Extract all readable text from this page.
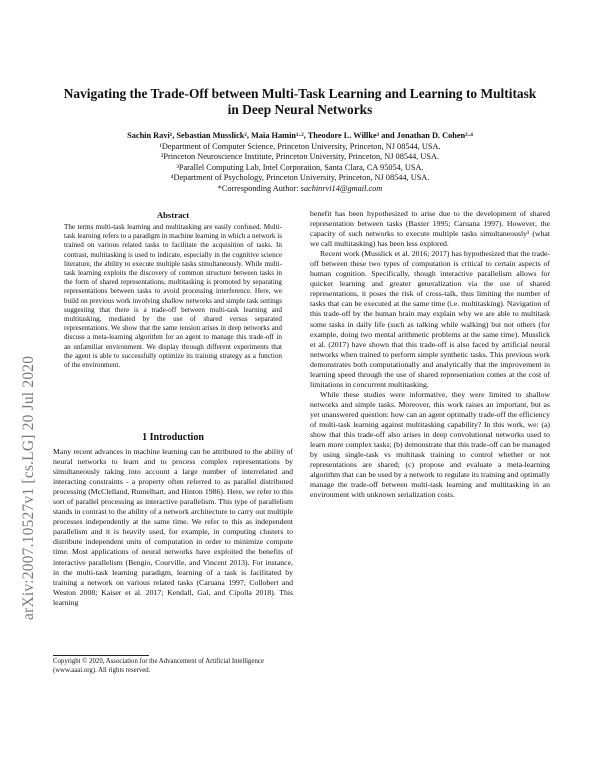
arXiv:2007.10527v1 [cs.LG] 20 Jul 2020
Navigating the Trade-Off between Multi-Task Learning and Learning to Multitask in Deep Neural Networks
Sachin Ravi¹, Sebastian Musslick², Maia Hamin¹·², Theodore L. Willke³ and Jonathan D. Cohen²·⁴
¹Department of Computer Science, Princeton University, Princeton, NJ 08544, USA.
²Princeton Neuroscience Institute, Princeton University, Princeton, NJ 08544, USA.
³Parallel Computing Lab, Intel Corporation, Santa Clara, CA 95054, USA.
⁴Department of Psychology, Princeton University, Princeton, NJ 08544, USA.
*Corresponding Author: sachinrvi14@gmail.com
Abstract
The terms multi-task learning and multitasking are easily confused. Multi-task learning refers to a paradigm in machine learning in which a network is trained on various related tasks to facilitate the acquisition of tasks. In contrast, multitasking is used to indicate, especially in the cognitive science literature, the ability to execute multiple tasks simultaneously. While multi-task learning exploits the discovery of common structure between tasks in the form of shared representations, multitasking is promoted by separating representations between tasks to avoid processing interference. Here, we build on previous work involving shallow networks and simple task settings suggesting that there is a trade-off between multi-task learning and multitasking, mediated by the use of shared versus separated representations. We show that the same tension arises in deep networks and discuss a meta-learning algorithm for an agent to manage this trade-off in an unfamiliar environment. We display through different experiments that the agent is able to successfully optimize its training strategy as a function of the environment.
1 Introduction

Many recent advances in machine learning can be attributed to the ability of neural networks to learn and to process complex representations by simultaneously taking into account a large number of interrelated and interacting constraints - a property often referred to as parallel distributed processing (McClelland, Rumelhart, and Hinton 1986). Here, we refer to this sort of parallel processing as interactive parallelism. This type of parallelism stands in contrast to the ability of a network architecture to carry out multiple processes independently at the same time. We refer to this as independent parallelism and it is heavily used, for example, in computing clusters to distribute independent units of computation in order to minimize compute time. Most applications of neural networks have exploited the benefits of interactive parallelism (Bengio, Courville, and Vincent 2013). For instance, in the multi-task learning paradigm, learning of a task is facilitated by training a network on various related tasks (Caruana 1997; Collobert and Weston 2008; Kaiser et al. 2017; Kendall, Gal, and Cipolla 2018). This learning

Copyright © 2020, Association for the Advancement of Artificial Intelligence (www.aaai.org). All rights reserved.

benefit has been hypothesized to arise due to the development of shared representation between tasks (Baxter 1995; Caruana 1997). However, the capacity of such networks to execute multiple tasks simultaneously¹ (what we call multitasking) has been less explored.

Recent work (Musslick et al. 2016; 2017) has hypothesized that the trade-off between these two types of computation is critical to certain aspects of human cognition. Specifically, though interactive parallelism allows for quicker learning and greater generalization via the use of shared representations, it poses the risk of cross-talk, thus limiting the number of tasks that can be executed at the same time (i.e. multitasking). Navigation of this trade-off by the human brain may explain why we are able to multitask some tasks in daily life (such as talking while walking) but not others (for example, doing two mental arithmetic problems at the same time). Musslick et al. (2017) have shown that this trade-off is also faced by artificial neural networks when trained to perform simple synthetic tasks. This previous work demonstrates both computationally and analytically that the improvement in learning speed through the use of shared representation comes at the cost of limitations in concurrent multitasking.

While these studies were informative, they were limited to shallow networks and simple tasks. Moreover, this work raises an important, but as yet unanswered question: how can an agent optimally trade-off the efficiency of multi-task learning against multitasking capability? In this work, we: (a) show that this trade-off also arises in deep convolutional networks used to learn more complex tasks; (b) demonstrate that this trade-off can be managed by using single-task vs multitask training to control whether or not representations are shared; (c) propose and evaluate a meta-learning algorithm that can be used by a network to regulate its training and optimally manage the trade-off between multi-task learning and multitasking in an environment with unknown serialization costs.
